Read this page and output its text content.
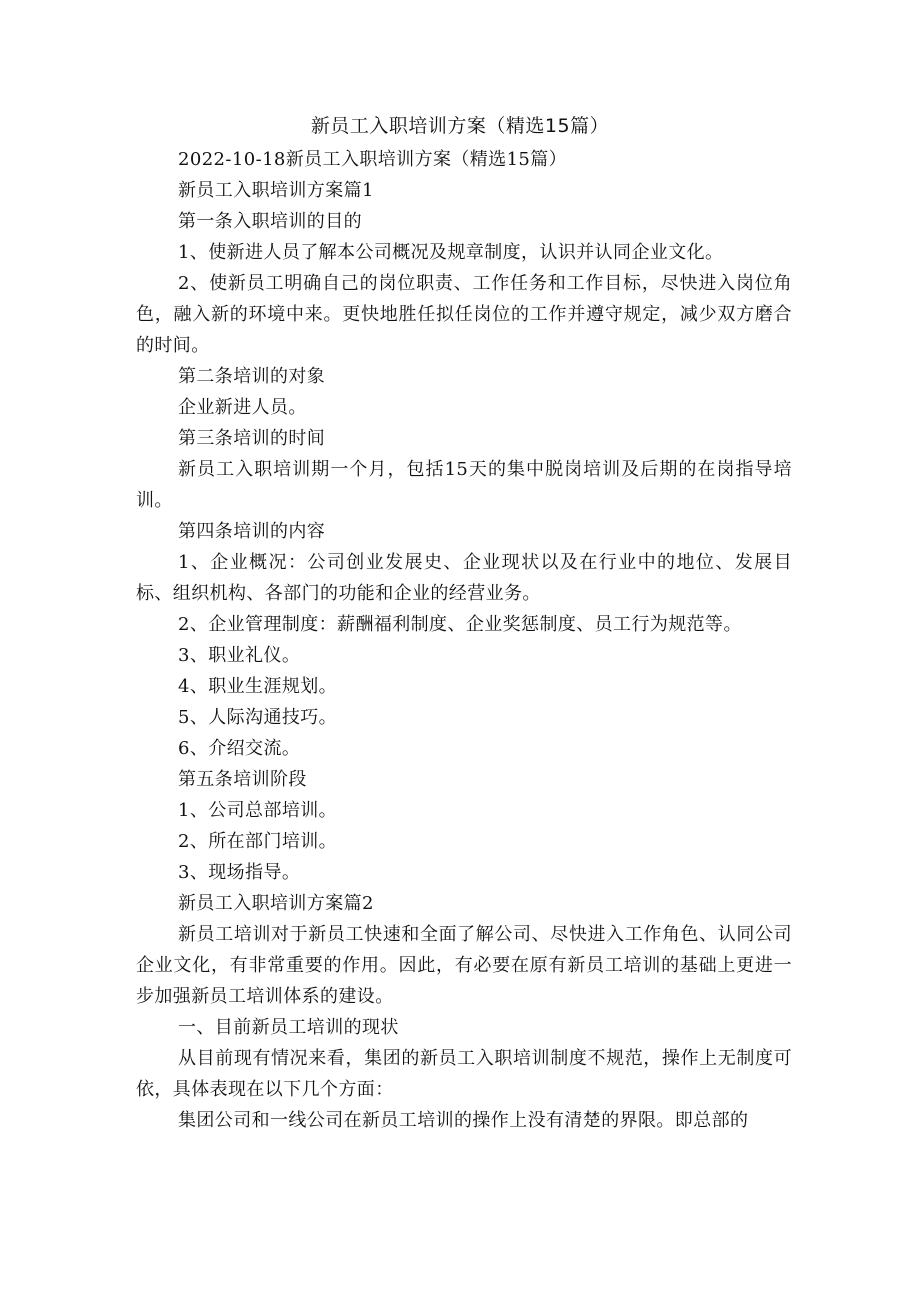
新员工入职培训方案（精选15篇）

2022-10-18新员工入职培训方案（精选15篇）

新员工入职培训方案篇1

第一条入职培训的目的

1、使新进人员了解本公司概况及规章制度，认识并认同企业文化。

2、使新员工明确自己的岗位职责、工作任务和工作目标，尽快进入岗位角色，融入新的环境中来。更快地胜任拟任岗位的工作并遵守规定，减少双方磨合的时间。

第二条培训的对象

企业新进人员。

第三条培训的时间

新员工入职培训期一个月，包括15天的集中脱岗培训及后期的在岗指导培训。

第四条培训的内容

1、企业概况：公司创业发展史、企业现状以及在行业中的地位、发展目标、组织机构、各部门的功能和企业的经营业务。

2、企业管理制度：薪酬福利制度、企业奖惩制度、员工行为规范等。

3、职业礼仪。

4、职业生涯规划。

5、人际沟通技巧。

6、介绍交流。

第五条培训阶段

1、公司总部培训。

2、所在部门培训。

3、现场指导。

新员工入职培训方案篇2

新员工培训对于新员工快速和全面了解公司、尽快进入工作角色、认同公司企业文化，有非常重要的作用。因此，有必要在原有新员工培训的基础上更进一步加强新员工培训体系的建设。

一、目前新员工培训的现状

从目前现有情况来看，集团的新员工入职培训制度不规范，操作上无制度可依，具体表现在以下几个方面：

集团公司和一线公司在新员工培训的操作上没有清楚的界限。即总部的
